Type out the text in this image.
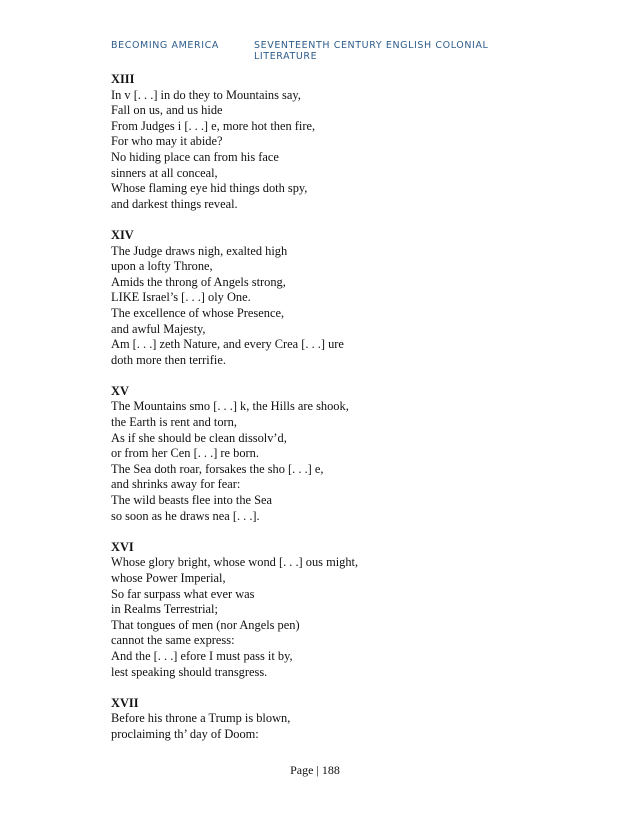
BECOMING AMERICA	SEVENTEENTH CENTURY ENGLISH COLONIAL LITERATURE
XIII
In v [. . .] in do they to Mountains say,
Fall on us, and us hide
From Judges i [. . .] e, more hot then fire,
For who may it abide?
No hiding place can from his face
sinners at all conceal,
Whose flaming eye hid things doth spy,
and darkest things reveal.
XIV
The Judge draws nigh, exalted high
upon a lofty Throne,
Amids the throng of Angels strong,
LIKE Israel’s [. . .] oly One.
The excellence of whose Presence,
and awful Majesty,
Am [. . .] zeth Nature, and every Crea [. . .] ure
doth more then terrifie.
XV
The Mountains smo [. . .] k, the Hills are shook,
the Earth is rent and torn,
As if she should be clean dissolv’d,
or from her Cen [. . .] re born.
The Sea doth roar, forsakes the sho [. . .] e,
and shrinks away for fear:
The wild beasts flee into the Sea
so soon as he draws nea [. . .].
XVI
Whose glory bright, whose wond [. . .] ous might,
whose Power Imperial,
So far surpass what ever was
in Realms Terrestrial;
That tongues of men (nor Angels pen)
cannot the same express:
And the [. . .] efore I must pass it by,
lest speaking should transgress.
XVII
Before his throne a Trump is blown,
proclaiming th’ day of Doom:
Page | 188
